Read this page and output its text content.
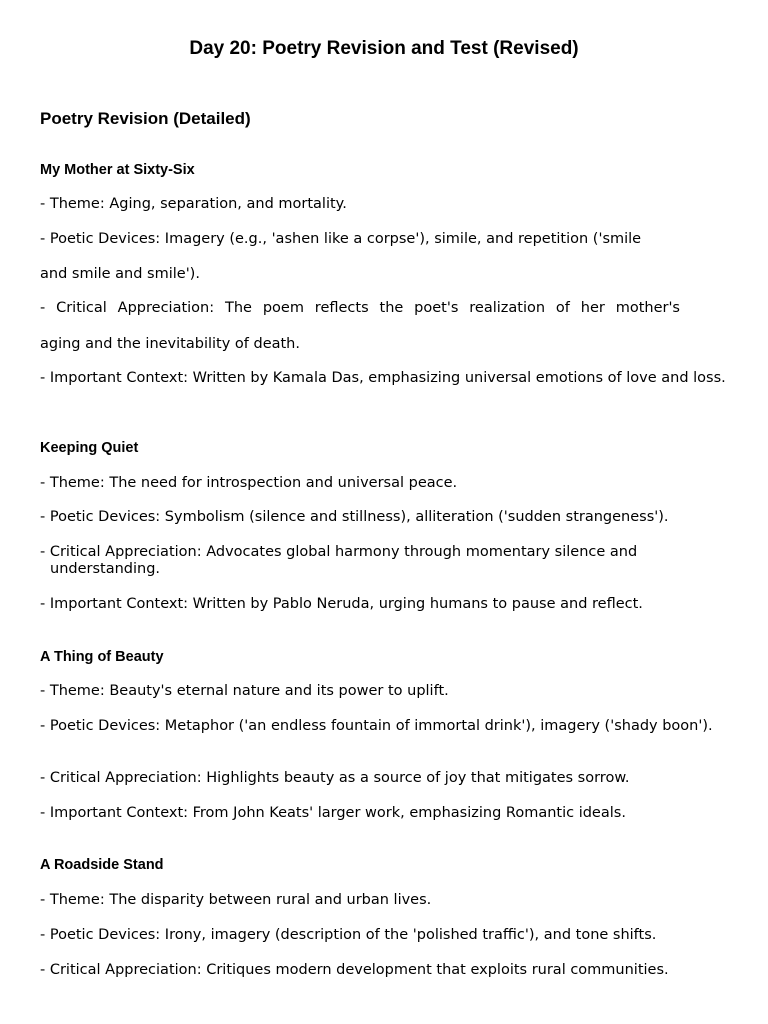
Day 20: Poetry Revision and Test (Revised)
Poetry Revision (Detailed)
My Mother at Sixty-Six

- Theme: Aging, separation, and mortality.

- Poetic Devices: Imagery (e.g., 'ashen like a corpse'), simile, and repetition ('smile

and smile and smile').

- Critical Appreciation: The poem reflects the poet's realization of her mother's

aging and the inevitability of death.

- Important Context: Written by Kamala Das, emphasizing universal emotions of love and loss.

Keeping Quiet

- Theme: The need for introspection and universal peace.

- Poetic Devices: Symbolism (silence and stillness), alliteration ('sudden strangeness').

- Critical Appreciation: Advocates global harmony through momentary silence and understanding.

- Important Context: Written by Pablo Neruda, urging humans to pause and reflect.

A Thing of Beauty

- Theme: Beauty's eternal nature and its power to uplift.

- Poetic Devices: Metaphor ('an endless fountain of immortal drink'), imagery ('shady boon').

- Critical Appreciation: Highlights beauty as a source of joy that mitigates sorrow.

- Important Context: From John Keats' larger work, emphasizing Romantic ideals.

A Roadside Stand

- Theme: The disparity between rural and urban lives.

- Poetic Devices: Irony, imagery (description of the 'polished traffic'), and tone shifts.

- Critical Appreciation: Critiques modern development that exploits rural communities.
